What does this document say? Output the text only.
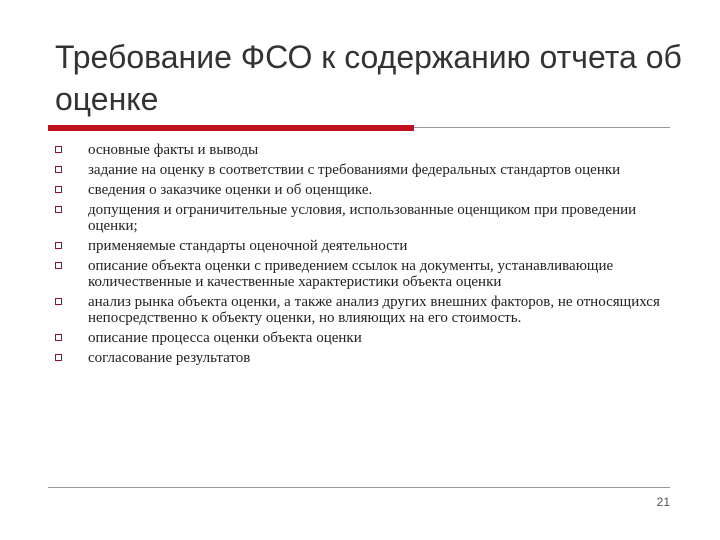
Требование ФСО к содержанию отчета об оценке
основные факты и выводы
задание на оценку в соответствии с требованиями федеральных стандартов оценки
сведения о заказчике оценки и об оценщике.
допущения и ограничительные условия, использованные оценщиком при проведении оценки;
применяемые стандарты оценочной деятельности
описание объекта оценки с приведением ссылок на документы, устанавливающие количественные и качественные характеристики объекта оценки
анализ рынка объекта оценки, а также анализ других внешних факторов, не относящихся непосредственно к объекту оценки, но влияющих на его стоимость.
описание процесса оценки объекта оценки
согласование результатов
21
